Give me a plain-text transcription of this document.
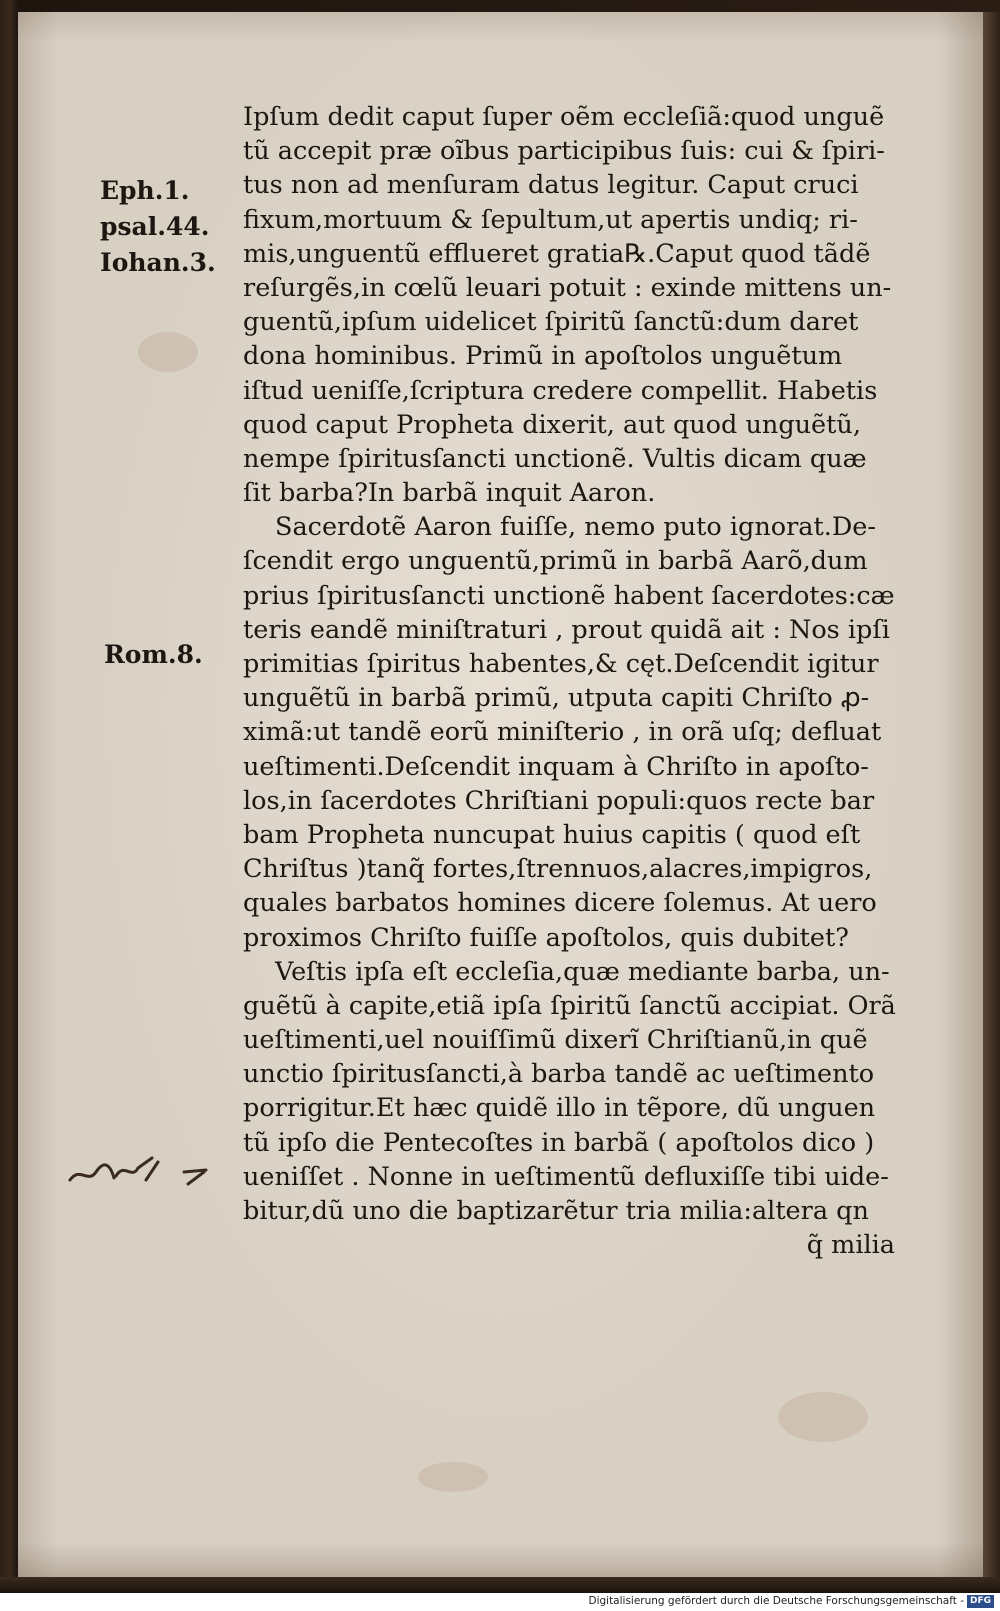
Eph.1.
psal.44.
Iohan.3.
Rom.8.
Ipſum dedit caput ſuper oẽm eccleſiã:quod unguẽ
tũ accepit præ oĩbus participibus ſuis: cui & ſpiri-
tus non ad menſuram datus legitur. Caput cruci
fixum,mortuum & ſepultum,ut apertis undiq; ri-
mis,unguentũ efflueret gratia℞.Caput quod tãdẽ
reſurgẽs,in cœlũ leuari potuit : exinde mittens un-
guentũ,ipſum uidelicet ſpiritũ ſanctũ:dum daret
dona hominibus. Primũ in apoſtolos unguẽtum
iſtud ueniſſe,ſcriptura credere compellit. Habetis
quod caput Propheta dixerit, aut quod unguẽtũ,
nempe ſpiritusſancti unctionẽ. Vultis dicam quæ
ſit barba?In barbã inquit Aaron.
Sacerdotẽ Aaron fuiſſe, nemo puto ignorat.De-
ſcendit ergo unguentũ,primũ in barbã Aarõ,dum
prius ſpiritusſancti unctionẽ habent ſacerdotes:cæ
teris eandẽ miniſtraturi , prout quidã ait : Nos ipſi
primitias ſpiritus habentes,& cęt.Deſcendit igitur
unguẽtũ in barbã primũ, utputa capiti Chriſto ꝓ-
ximã:ut tandẽ eorũ miniſterio , in orã uſq; defluat
ueſtimenti.Deſcendit inquam à Chriſto in apoſto-
los,in ſacerdotes Chriſtiani populi:quos recte bar
bam Propheta nuncupat huius capitis ( quod eſt
Chriſtus )tanq̃ fortes,ſtrennuos,alacres,impigros,
quales barbatos homines dicere ſolemus. At uero
proximos Chriſto fuiſſe apoſtolos, quis dubitet?
Veſtis ipſa eſt eccleſia,quæ mediante barba, un-
guẽtũ à capite,etiã ipſa ſpiritũ ſanctũ accipiat. Orã
ueſtimenti,uel nouiſſimũ dixerĩ Chriſtianũ,in quẽ
unctio ſpiritusſancti,à barba tandẽ ac ueſtimento
porrigitur.Et hæc quidẽ illo in tẽpore, dũ unguen
tũ ipſo die Pentecoſtes in barbã ( apoſtolos dico )
ueniſſet . Nonne in ueſtimentũ defluxiſſe tibi uide-
bitur,dũ uno die baptizarẽtur tria milia:altera qn
q̃ milia
Digitalisierung gefördert durch die Deutsche Forschungsgemeinschaft - DFG
